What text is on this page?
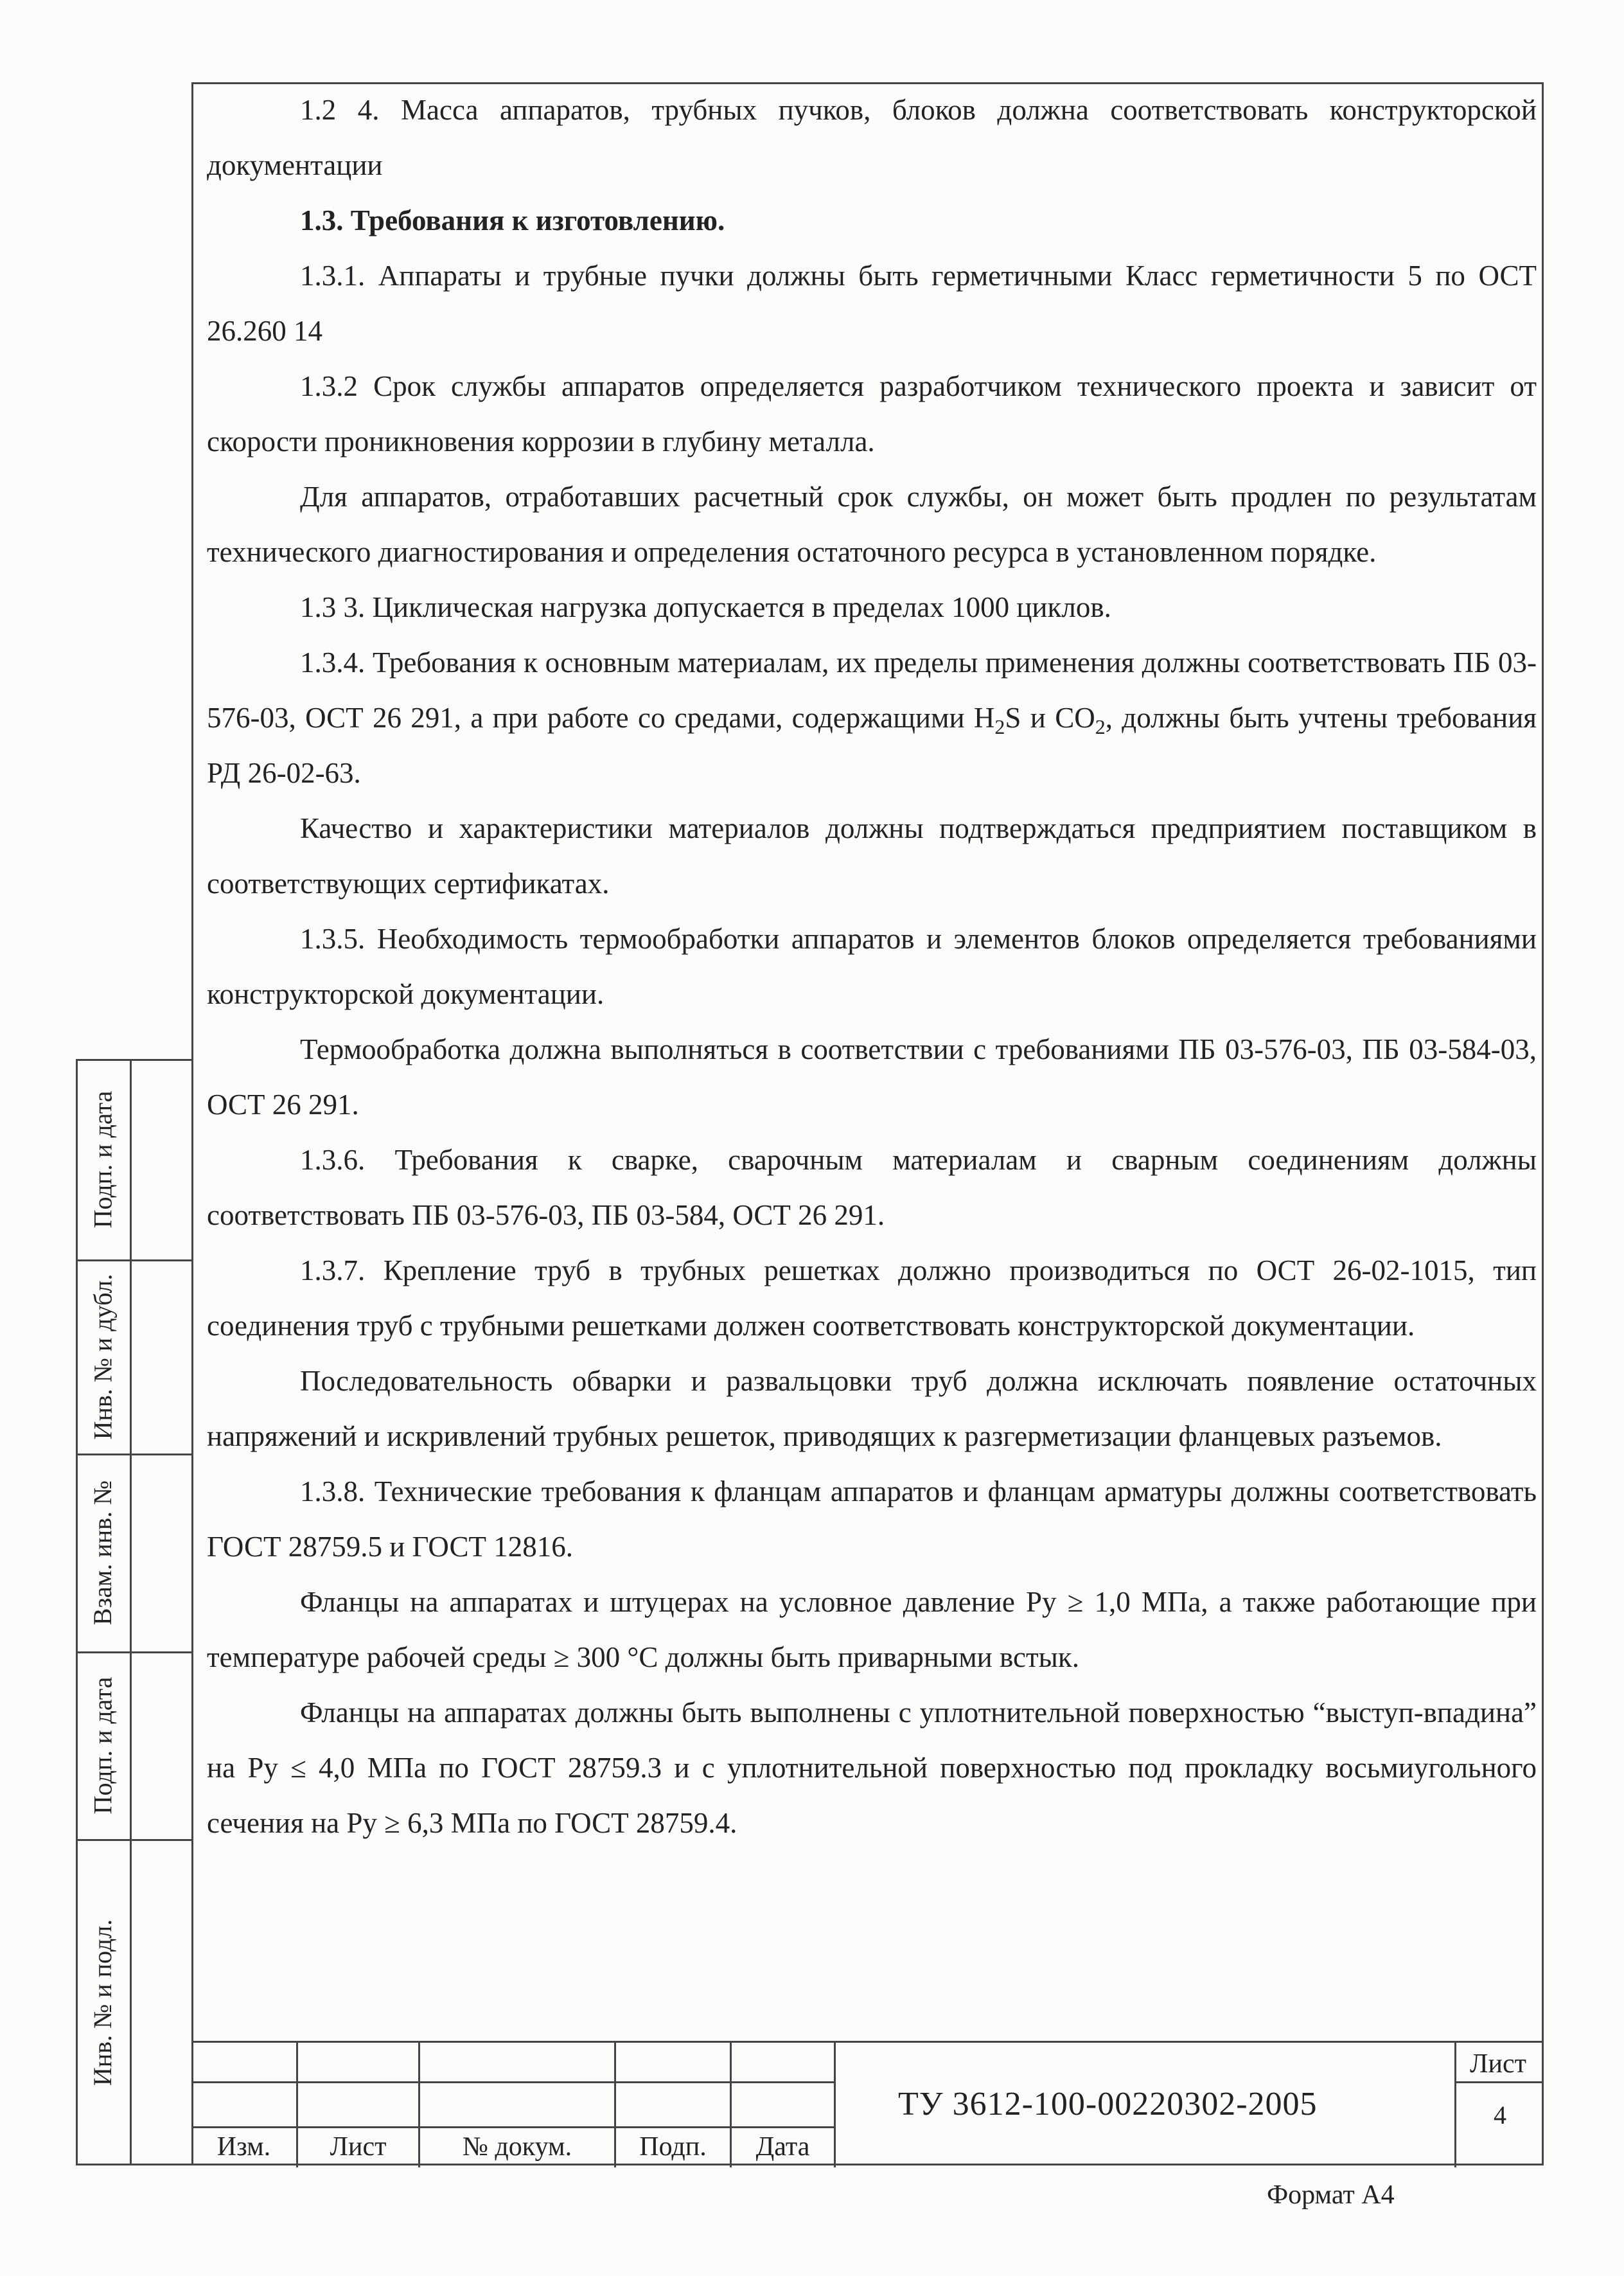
1.2 4. Масса аппаратов, трубных пучков, блоков должна соответствовать конструкторской документации

1.3. Требования к изготовлению.

1.3.1. Аппараты и трубные пучки должны быть герметичными Класс герметичности 5 по ОСТ 26.260 14

1.3.2 Срок службы аппаратов определяется разработчиком технического проекта и зависит от скорости проникновения коррозии в глубину металла.

Для аппаратов, отработавших расчетный срок службы, он может быть продлен по результатам технического диагностирования и определения остаточного ресурса в установленном порядке.

1.3 3. Циклическая нагрузка допускается в пределах 1000 циклов.

1.3.4. Требования к основным материалам, их пределы применения должны соответствовать ПБ 03-576-03, ОСТ 26 291, а при работе со средами, содержащими $H_2S$ и $CO_2$, должны быть учтены требования РД 26-02-63.

Качество и характеристики материалов должны подтверждаться предприятием поставщиком в соответствующих сертификатах.

1.3.5. Необходимость термообработки аппаратов и элементов блоков определяется требованиями конструкторской документации.

Термообработка должна выполняться в соответствии с требованиями ПБ 03-576-03, ПБ 03-584-03, ОСТ 26 291.

1.3.6. Требования к сварке, сварочным материалам и сварным соединениям должны соответствовать ПБ 03-576-03, ПБ 03-584, ОСТ 26 291.

1.3.7. Крепление труб в трубных решетках должно производиться по ОСТ 26-02-1015, тип соединения труб с трубными решетками должен соответствовать конструкторской документации.

Последовательность обварки и развальцовки труб должна исключать появление остаточных напряжений и искривлений трубных решеток, приводящих к разгерметизации фланцевых разъемов.

1.3.8. Технические требования к фланцам аппаратов и фланцам арматуры должны соответствовать ГОСТ 28759.5 и ГОСТ 12816.

Фланцы на аппаратах и штуцерах на условное давление Ру ≥ 1,0 МПа, а также работающие при температуре рабочей среды ≥ 300 °С должны быть приварными встык.

Фланцы на аппаратах должны быть выполнены с уплотнительной поверхностью “выступ-впадина” на Ру ≤ 4,0 МПа по ГОСТ 28759.3 и с уплотнительной поверхностью под прокладку восьмиугольного сечения на Ру ≥ 6,3 МПа по ГОСТ 28759.4.

Подп. и дата
Инв. № и дубл.
Взам. инв. №
Подп. и дата
Инв. № и подл.
Изм.	Лист	№ докум.	Подп.	Дата
ТУ 3612-100-00220302-2005
Лист
4
Формат А4
